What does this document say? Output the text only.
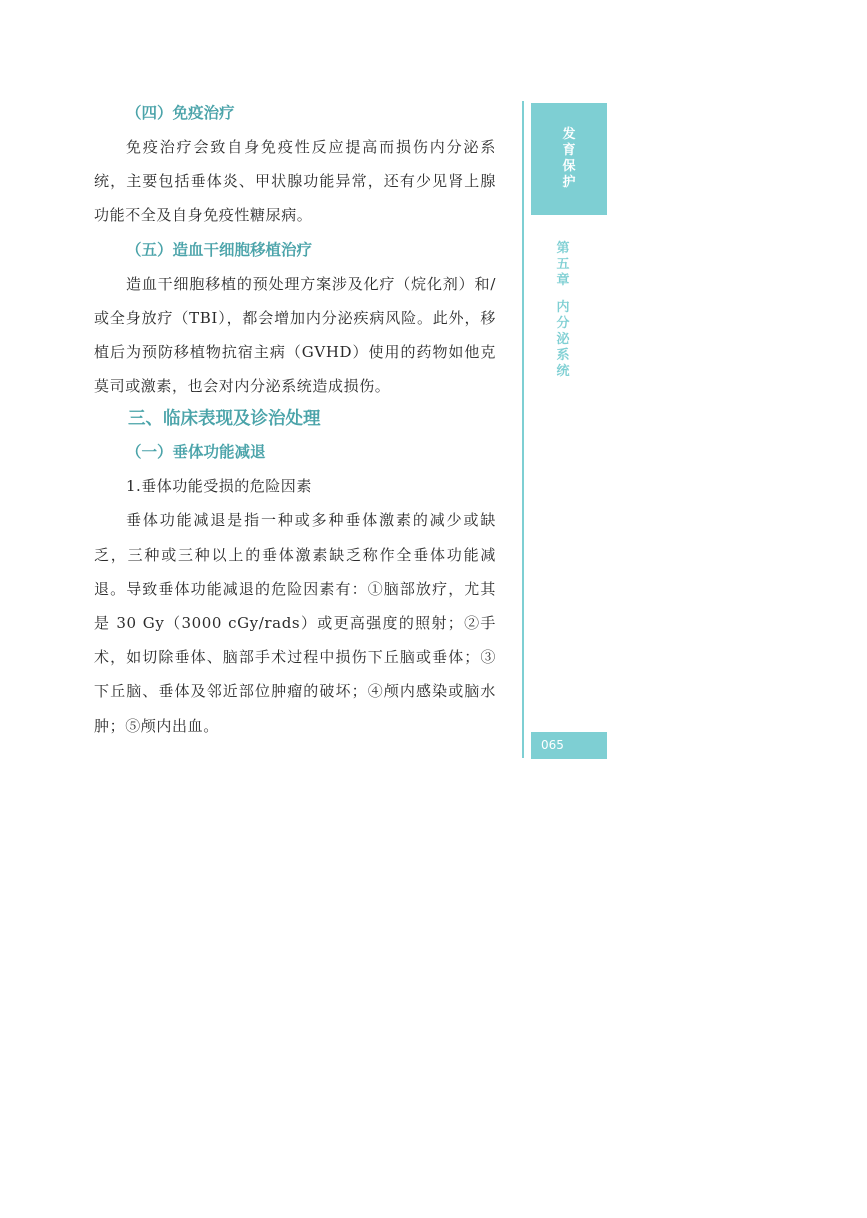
（四）免疫治疗

免疫治疗会致自身免疫性反应提高而损伤内分泌系统，主要包括垂体炎、甲状腺功能异常，还有少见肾上腺功能不全及自身免疫性糖尿病。

（五）造血干细胞移植治疗

造血干细胞移植的预处理方案涉及化疗（烷化剂）和/或全身放疗（TBI），都会增加内分泌疾病风险。此外，移植后为预防移植物抗宿主病（GVHD）使用的药物如他克莫司或激素，也会对内分泌系统造成损伤。

三、临床表现及诊治处理
（一）垂体功能减退
1.垂体功能受损的危险因素

垂体功能减退是指一种或多种垂体激素的减少或缺乏，三种或三种以上的垂体激素缺乏称作全垂体功能减退。导致垂体功能减退的危险因素有：①脑部放疗，尤其是 30 Gy（3000 cGy/rads）或更高强度的照射；②手术，如切除垂体、脑部手术过程中损伤下丘脑或垂体；③下丘脑、垂体及邻近部位肿瘤的破坏；④颅内感染或脑水肿；⑤颅内出血。

发育保护
第五章
内分泌系统
065
